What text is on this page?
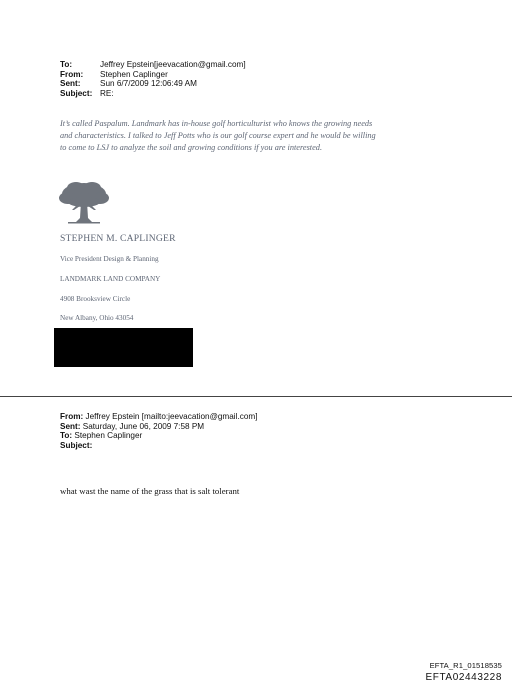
To:	Jeffrey Epstein[jeevacation@gmail.com]
From:	Stephen Caplinger
Sent:	Sun 6/7/2009 12:06:49 AM
Subject: RE:
It’s called Paspalum. Landmark has in-house golf horticulturist who knows the growing needs
and characteristics. I talked to Jeff Potts who is our golf course expert and he would be willing
to come to LSJ to analyze the soil and growing conditions if you are interested.
STEPHEN M. CAPLINGER
Vice President Design & Planning
LANDMARK LAND COMPANY
4908 Brooksview Circle
New Albany, Ohio 43054
From: Jeffrey Epstein [mailto:jeevacation@gmail.com]
Sent: Saturday, June 06, 2009 7:58 PM
To: Stephen Caplinger
Subject:
what wast the name of the grass that is salt tolerant
EFTA_R1_01518535
EFTA02443228
